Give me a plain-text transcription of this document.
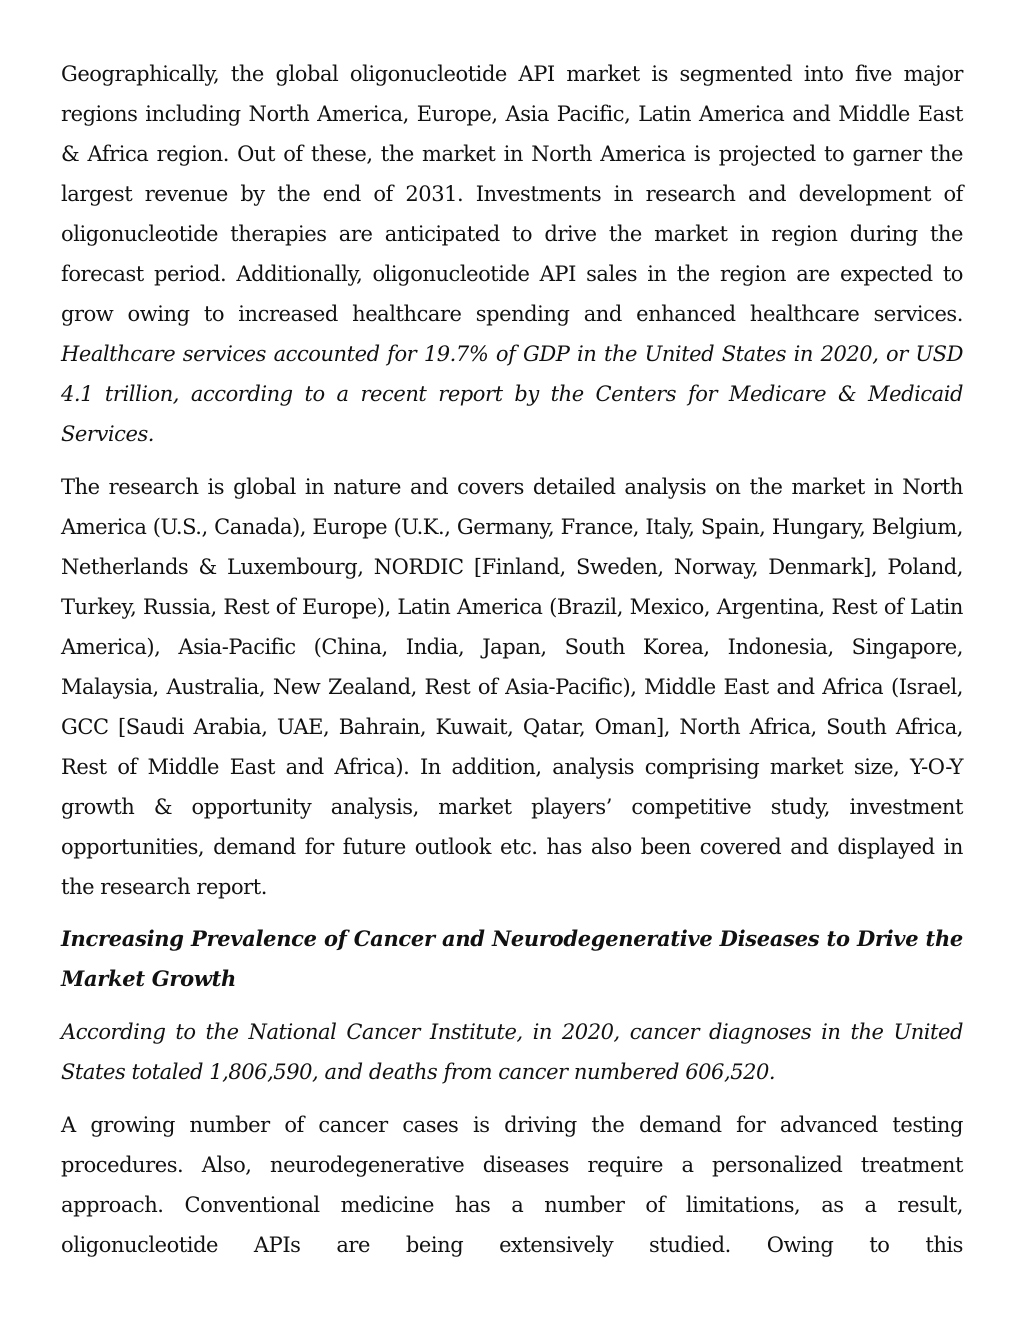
Geographically, the global oligonucleotide API market is segmented into five major regions including North America, Europe, Asia Pacific, Latin America and Middle East & Africa region. Out of these, the market in North America is projected to garner the largest revenue by the end of 2031. Investments in research and development of oligonucleotide therapies are anticipated to drive the market in region during the forecast period. Additionally, oligonucleotide API sales in the region are expected to grow owing to increased healthcare spending and enhanced healthcare services. Healthcare services accounted for 19.7% of GDP in the United States in 2020, or USD 4.1 trillion, according to a recent report by the Centers for Medicare & Medicaid Services.

The research is global in nature and covers detailed analysis on the market in North America (U.S., Canada), Europe (U.K., Germany, France, Italy, Spain, Hungary, Belgium, Netherlands & Luxembourg, NORDIC [Finland, Sweden, Norway, Denmark], Poland, Turkey, Russia, Rest of Europe), Latin America (Brazil, Mexico, Argentina, Rest of Latin America), Asia-Pacific (China, India, Japan, South Korea, Indonesia, Singapore, Malaysia, Australia, New Zealand, Rest of Asia-Pacific), Middle East and Africa (Israel, GCC [Saudi Arabia, UAE, Bahrain, Kuwait, Qatar, Oman], North Africa, South Africa, Rest of Middle East and Africa). In addition, analysis comprising market size, Y-O-Y growth & opportunity analysis, market players’ competitive study, investment opportunities, demand for future outlook etc. has also been covered and displayed in the research report.

Increasing Prevalence of Cancer and Neurodegenerative Diseases to Drive the Market Growth

According to the National Cancer Institute, in 2020, cancer diagnoses in the United States totaled 1,806,590, and deaths from cancer numbered 606,520.

A growing number of cancer cases is driving the demand for advanced testing procedures. Also, neurodegenerative diseases require a personalized treatment approach. Conventional medicine has a number of limitations, as a result, oligonucleotide APIs are being extensively studied. Owing to this
